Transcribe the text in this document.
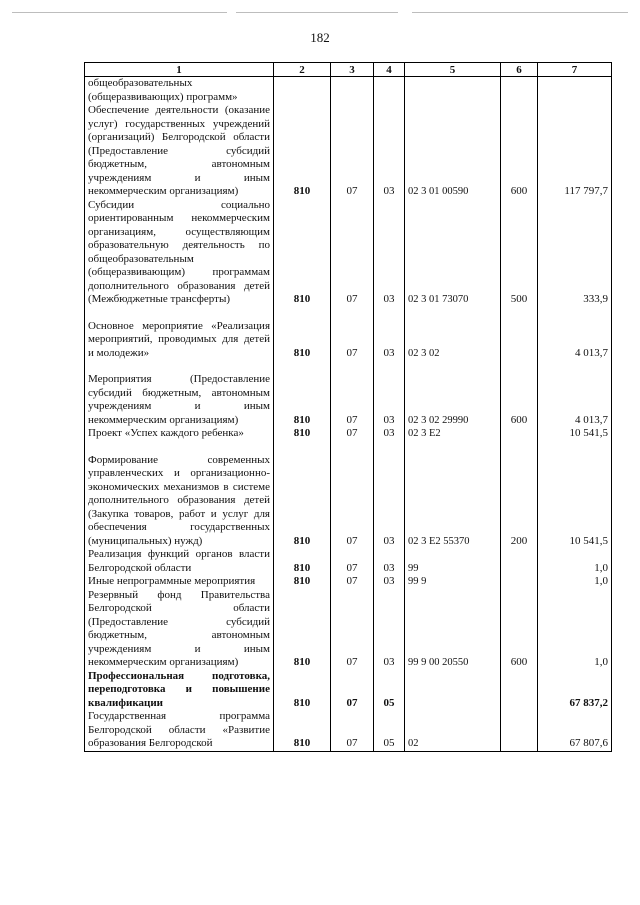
182
1	2	3	4	5	6	7
общеобразовательных (общеразвивающих) программ»						
Обеспечение деятельности (оказание услуг) государственных учреждений (организаций) Белгородской области (Предоставление субсидий бюджетным, автономным учреждениям и иным некоммерческим организациям)	810	07	03	02 3 01 00590	600	117 797,7
Субсидии социально ориентированным некоммерческим организациям, осуществляющим образовательную деятельность по общеобразовательным (общеразвивающим) программам дополнительного образования детей (Межбюджетные трансферты)	810	07	03	02 3 01 73070	500	333,9

Основное мероприятие «Реализация мероприятий, проводимых для детей и молодежи»	810	07	03	02 3 02		4 013,7

Мероприятия (Предоставление субсидий бюджетным, автономным учреждениям и иным некоммерческим организациям)	810	07	03	02 3 02 29990	600	4 013,7
Проект «Успех каждого ребенка»	810	07	03	02 3 E2		10 541,5

Формирование современных управленческих и организационно-экономических механизмов в системе дополнительного образования детей (Закупка товаров, работ и услуг для обеспечения государственных (муниципальных) нужд)	810	07	03	02 3 E2 55370	200	10 541,5
Реализация функций органов власти Белгородской области	810	07	03	99		1,0
Иные непрограммные мероприятия	810	07	03	99 9		1,0
Резервный фонд Правительства Белгородской области (Предоставление субсидий бюджетным, автономным учреждениям и иным некоммерческим организациям)	810	07	03	99 9 00 20550	600	1,0
Профессиональная подготовка, переподготовка и повышение квалификации	810	07	05			67 837,2
Государственная программа Белгородской области «Развитие образования Белгородской	810	07	05	02		67 807,6
